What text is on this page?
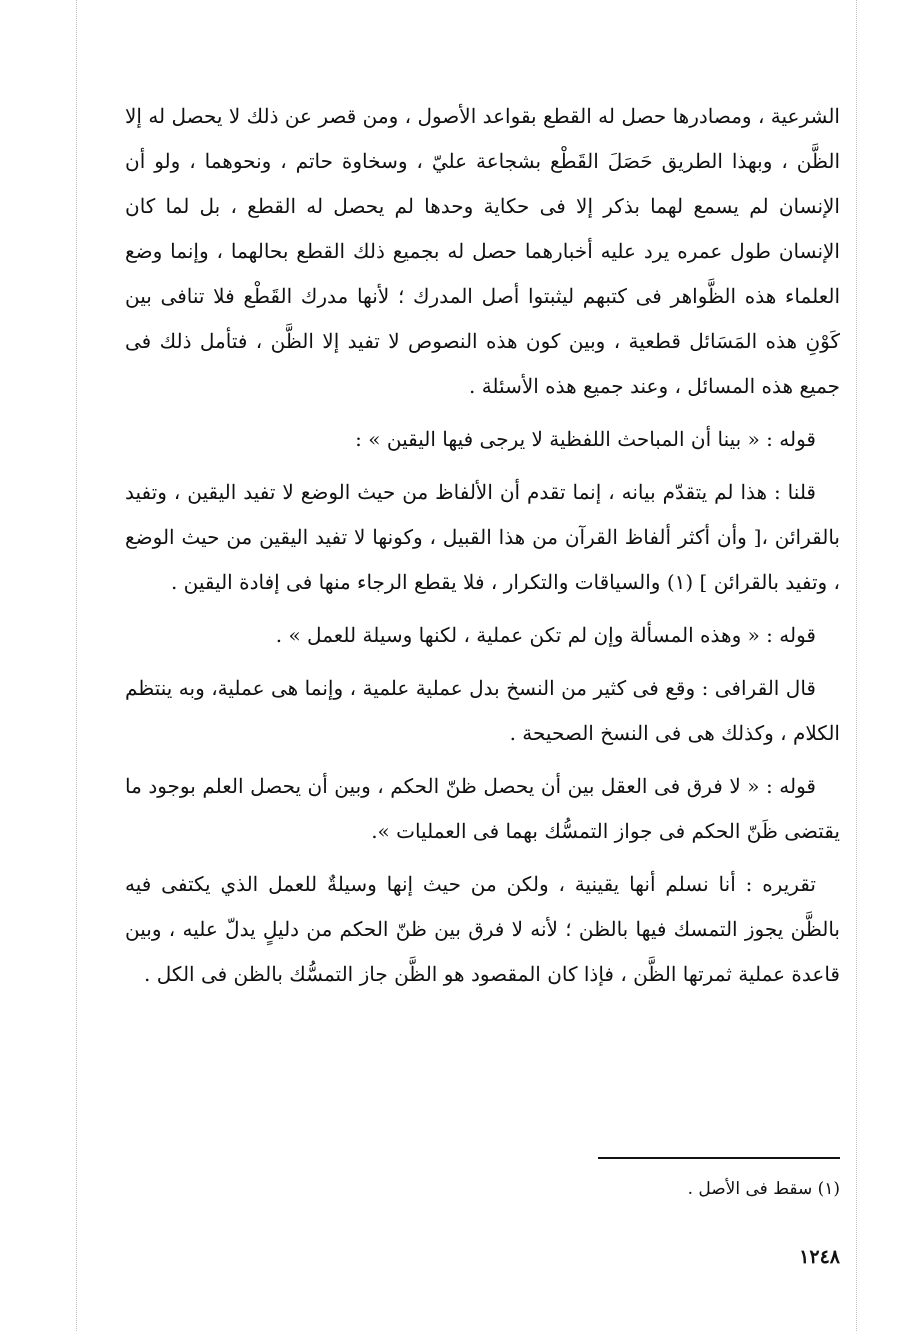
الشرعية ، ومصادرها حصل له القطع بقواعد الأصول ، ومن قصر عن ذلك لا يحصل له إلا الظَّن ، وبهذا الطريق حَصَلَ القَطْع بشجاعة عليّ ، وسخاوة حاتم ، ونحوهما ، ولو أن الإنسان لم يسمع لهما بذكر إلا فى حكاية وحدها لم يحصل له القطع ، بل لما كان الإنسان طول عمره يرد عليه أخبارهما حصل له بجميع ذلك القطع بحالهما ، وإنما وضع العلماء هذه الظَّواهر فى كتبهم ليثبتوا أصل المدرك ؛ لأنها مدرك القَطْع فلا تنافى بين كَوْنِ هذه المَسَائل قطعية ، وبين كون هذه النصوص لا تفيد إلا الظَّن ، فتأمل ذلك فى جميع هذه المسائل ، وعند جميع هذه الأسئلة .

قوله : « بينا أن المباحث اللفظية لا يرجى فيها اليقين » :

قلنا : هذا لم يتقدّم بيانه ، إنما تقدم أن الألفاظ من حيث الوضع لا تفيد اليقين ، وتفيد بالقرائن ،[ وأن أكثر ألفاظ القرآن من هذا القبيل ، وكونها لا تفيد اليقين من حيث الوضع ، وتفيد بالقرائن ] (١) والسياقات والتكرار ، فلا يقطع الرجاء منها فى إفادة اليقين .

قوله : « وهذه المسألة وإن لم تكن عملية ، لكنها وسيلة للعمل » .

قال القرافى : وقع فى كثير من النسخ بدل عملية علمية ، وإنما هى عملية، وبه ينتظم الكلام ، وكذلك هى فى النسخ الصحيحة .

قوله : « لا فرق فى العقل بين أن يحصل ظنّ الحكم ، وبين أن يحصل العلم بوجود ما يقتضى ظَنّ الحكم فى جواز التمسُّك بهما فى العمليات ».

تقريره : أنا نسلم أنها يقينية ، ولكن من حيث إنها وسيلةٌ للعمل الذي يكتفى فيه بالظَّن يجوز التمسك فيها بالظن ؛ لأنه لا فرق بين ظنّ الحكم من دليلٍ يدلّ عليه ، وبين قاعدة عملية ثمرتها الظَّن ، فإذا كان المقصود هو الظَّن جاز التمسُّك بالظن فى الكل .

(١) سقط فى الأصل .
١٢٤٨
